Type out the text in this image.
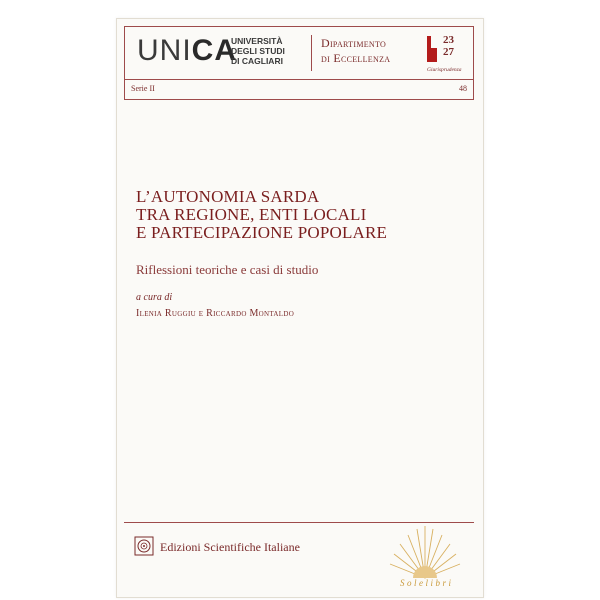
UNICA
UNIVERSITÀ
DEGLI STUDI
DI CAGLIARI
Dipartimento
di Eccellenza
23
27
Giurisprudenza
Serie II	48
L’AUTONOMIA SARDA
TRA REGIONE, ENTI LOCALI
E PARTECIPAZIONE POPOLARE
Riflessioni teoriche e casi di studio
a cura di
Ilenia Ruggiu e Riccardo Montaldo
Edizioni Scientifiche Italiane
Solelibri
